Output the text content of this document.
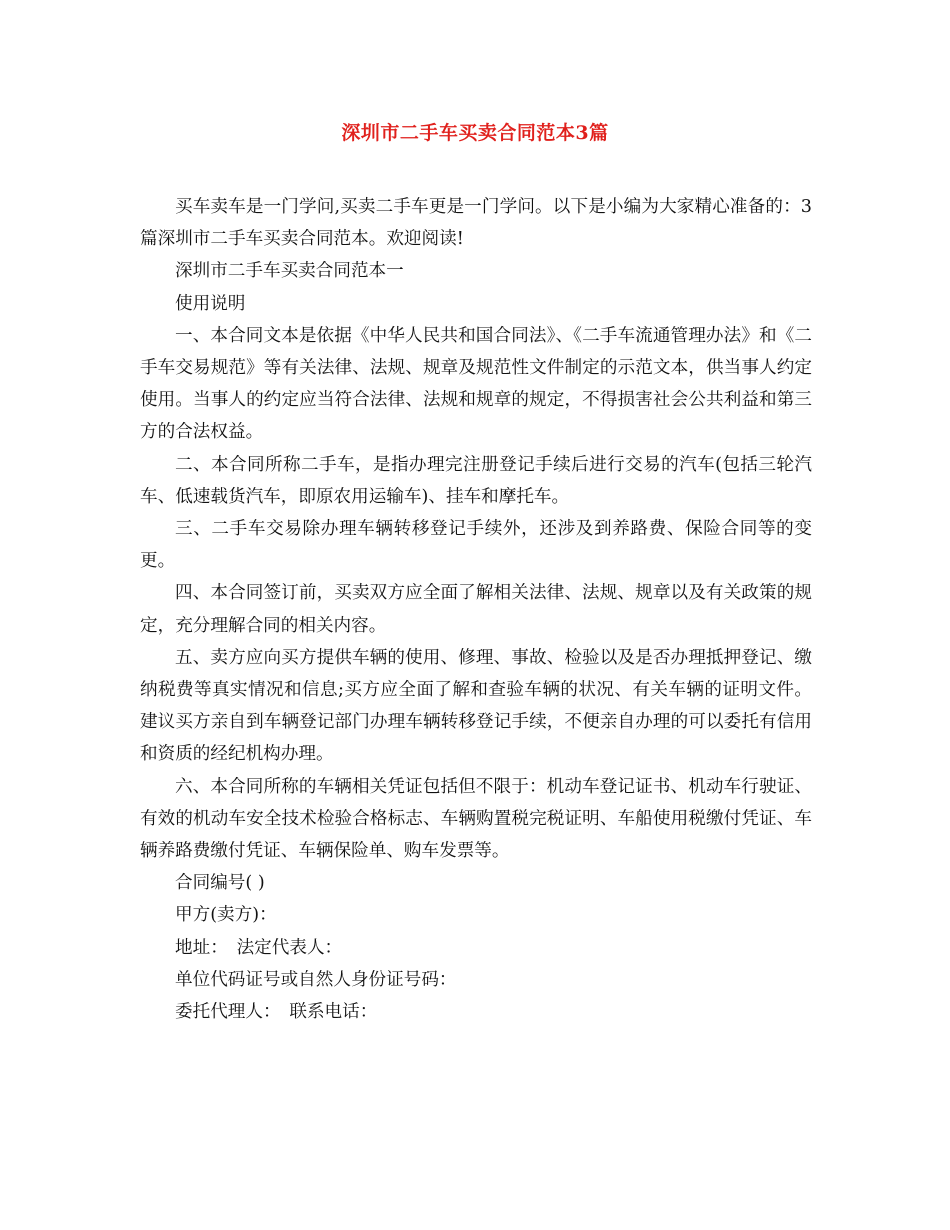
深圳市二手车买卖合同范本3篇

买车卖车是一门学问,买卖二手车更是一门学问。以下是小编为大家精心准备的：3篇深圳市二手车买卖合同范本。欢迎阅读!

深圳市二手车买卖合同范本一

使用说明

一、本合同文本是依据《中华人民共和国合同法》、《二手车流通管理办法》和《二手车交易规范》等有关法律、法规、规章及规范性文件制定的示范文本，供当事人约定使用。当事人的约定应当符合法律、法规和规章的规定，不得损害社会公共利益和第三方的合法权益。

二、本合同所称二手车，是指办理完注册登记手续后进行交易的汽车(包括三轮汽车、低速载货汽车，即原农用运输车)、挂车和摩托车。

三、二手车交易除办理车辆转移登记手续外，还涉及到养路费、保险合同等的变更。

四、本合同签订前，买卖双方应全面了解相关法律、法规、规章以及有关政策的规定，充分理解合同的相关内容。

五、卖方应向买方提供车辆的使用、修理、事故、检验以及是否办理抵押登记、缴纳税费等真实情况和信息;买方应全面了解和查验车辆的状况、有关车辆的证明文件。建议买方亲自到车辆登记部门办理车辆转移登记手续，不便亲自办理的可以委托有信用和资质的经纪机构办理。

六、本合同所称的车辆相关凭证包括但不限于：机动车登记证书、机动车行驶证、有效的机动车安全技术检验合格标志、车辆购置税完税证明、车船使用税缴付凭证、车辆养路费缴付凭证、车辆保险单、购车发票等。

合同编号( )

甲方(卖方)：

地址：　法定代表人：

单位代码证号或自然人身份证号码：

委托代理人：　联系电话：
